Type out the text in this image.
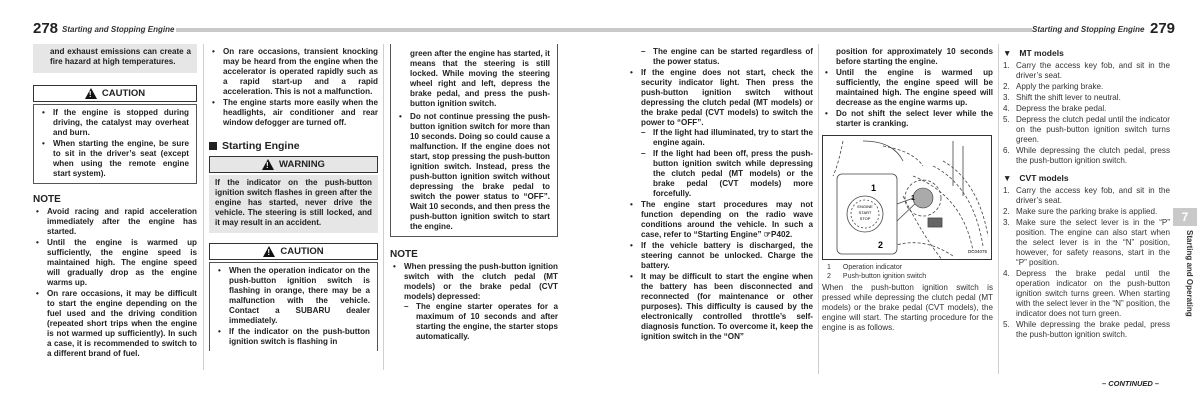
278 Starting and Stopping Engine	Starting and Stopping Engine 279
and exhaust emissions can create a fire hazard at high temperatures.
!
CAUTION
• If the engine is stopped during driving, the catalyst may overheat and burn.
• When starting the engine, be sure to sit in the driver’s seat (except when using the remote engine start system).
NOTE
• Avoid racing and rapid acceleration immediately after the engine has started.
• Until the engine is warmed up sufficiently, the engine speed is maintained high. The engine speed will gradually drop as the engine warms up.
• On rare occasions, it may be difficult to start the engine depending on the fuel used and the driving condition (repeated short trips when the engine is not warmed up sufficiently). In such a case, it is recommended to switch to a different brand of fuel.
• On rare occasions, transient knocking may be heard from the engine when the accelerator is operated rapidly such as a rapid start-up and a rapid acceleration. This is not a malfunction.
• The engine starts more easily when the headlights, air conditioner and rear window defogger are turned off.
Starting Engine
!
WARNING
If the indicator on the push-button ignition switch flashes in green after the engine has started, never drive the vehicle. The steering is still locked, and it may result in an accident.
!
CAUTION
• When the operation indicator on the push-button ignition switch is flashing in orange, there may be a malfunction with the vehicle. Contact a SUBARU dealer immediately.
• If the indicator on the push-button ignition switch is flashing in
green after the engine has started, it means that the steering is still locked. While moving the steering wheel right and left, depress the brake pedal, and press the push-button ignition switch.
• Do not continue pressing the push-button ignition switch for more than 10 seconds. Doing so could cause a malfunction. If the engine does not start, stop pressing the push-button ignition switch. Instead, press the push-button ignition switch without depressing the brake pedal to switch the power status to “OFF”. Wait 10 seconds, and then press the push-button ignition switch to start the engine.
NOTE
• When pressing the push-button ignition switch with the clutch pedal (MT models) or the brake pedal (CVT models) depressed:
– The engine starter operates for a maximum of 10 seconds and after starting the engine, the starter stops automatically.
– The engine can be started regardless of the power status.
• If the engine does not start, check the security indicator light. Then press the push-button ignition switch without depressing the clutch pedal (MT models) or the brake pedal (CVT models) to switch the power to “OFF”.
– If the light had illuminated, try to start the engine again.
– If the light had been off, press the push-button ignition switch while depressing the clutch pedal (MT models) or the brake pedal (CVT models) more forcefully.
• The engine start procedures may not function depending on the radio wave conditions around the vehicle. In such a case, refer to “Starting Engine” ☞P402.
• If the vehicle battery is discharged, the steering cannot be unlocked. Charge the battery.
• It may be difficult to start the engine when the battery has been disconnected and reconnected (for maintenance or other purposes). This difficulty is caused by the electronically controlled throttle’s self-diagnosis function. To overcome it, keep the ignition switch in the “ON”
position for approximately 10 seconds before starting the engine.
• Until the engine is warmed up sufficiently, the engine speed will be maintained high. The engine speed will decrease as the engine warms up.
• Do not shift the select lever while the starter is cranking.
ENGINE
START
STOP
1
2
1
DC04075
1 Operation indicator
2 Push-button ignition switch
When the push-button ignition switch is pressed while depressing the clutch pedal (MT models) or the brake pedal (CVT models), the engine will start. The starting procedure for the engine is as follows.
▼ MT models
1. Carry the access key fob, and sit in the driver’s seat.
2. Apply the parking brake.
3. Shift the shift lever to neutral.
4. Depress the brake pedal.
5. Depress the clutch pedal until the indicator on the push-button ignition switch turns green.
6. While depressing the clutch pedal, press the push-button ignition switch.
▼ CVT models
1. Carry the access key fob, and sit in the driver’s seat.
2. Make sure the parking brake is applied.
3. Make sure the select lever is in the “P” position. The engine can also start when the select lever is in the “N” position, however, for safety reasons, start in the “P” position.
4. Depress the brake pedal until the operation indicator on the push-button ignition switch turns green. When starting with the select lever in the “N” position, the indicator does not turn green.
5. While depressing the brake pedal, press the push-button ignition switch.
– CONTINUED –
7
Starting and Operating
